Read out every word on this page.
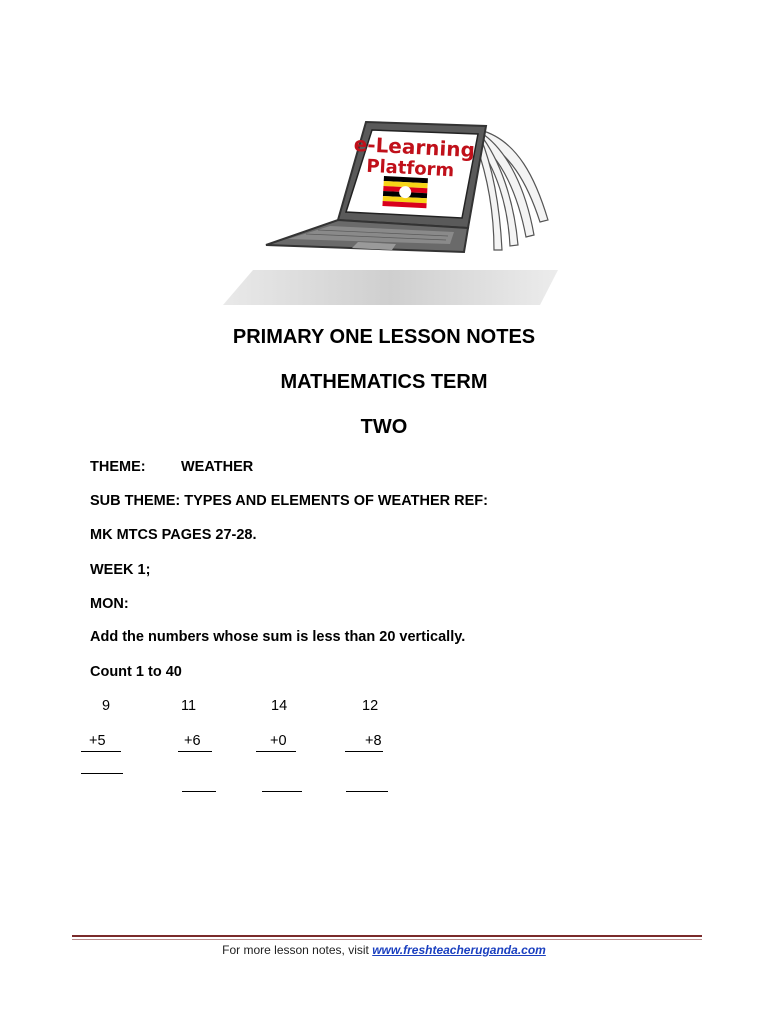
e-Learning
Platform
PRIMARY ONE LESSON NOTES
MATHEMATICS TERM
TWO
THEME: WEATHER
SUB THEME: TYPES AND ELEMENTS OF WEATHER REF:
MK MTCS PAGES 27-28.
WEEK 1;
MON:
Add the numbers whose sum is less than 20 vertically.
Count 1 to 40
9	11	14	12
+5	+6	+0	+8
For more lesson notes, visit www.freshteacheruganda.com
